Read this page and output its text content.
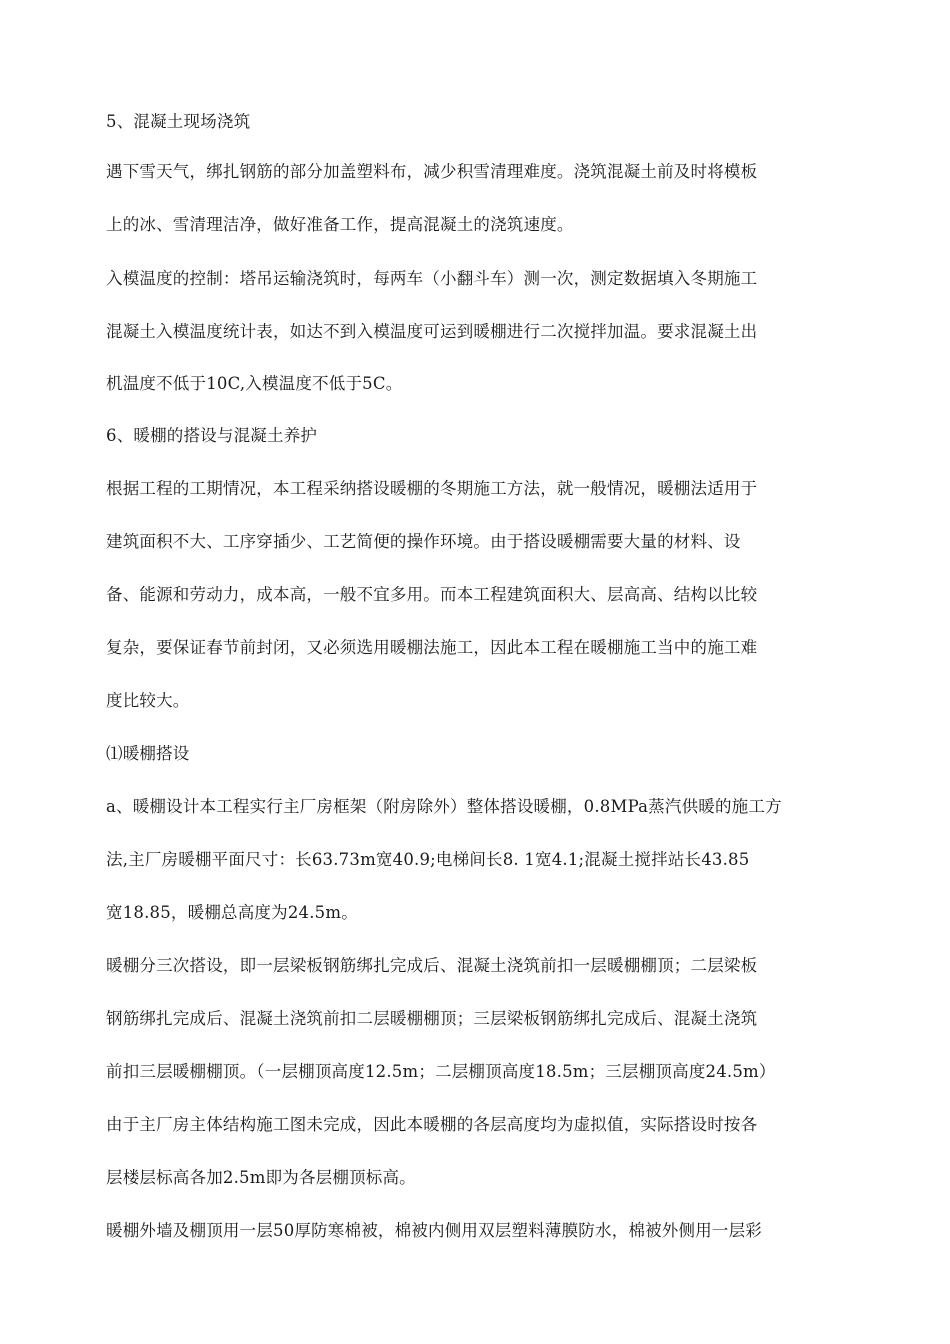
5、混凝土现场浇筑
遇下雪天气，绑扎钢筋的部分加盖塑料布，减少积雪清理难度。浇筑混凝土前及时将模板
上的冰、雪清理洁净，做好准备工作，提高混凝土的浇筑速度。
入模温度的控制：塔吊运输浇筑时，每两车（小翻斗车）测一次，测定数据填入冬期施工
混凝土入模温度统计表，如达不到入模温度可运到暖棚进行二次搅拌加温。要求混凝土出
机温度不低于10C,入模温度不低于5C。
6、暖棚的搭设与混凝土养护
根据工程的工期情况，本工程采纳搭设暖棚的冬期施工方法，就一般情况，暖棚法适用于
建筑面积不大、工序穿插少、工艺简便的操作环境。由于搭设暖棚需要大量的材料、设
备、能源和劳动力，成本高，一般不宜多用。而本工程建筑面积大、层高高、结构以比较
复杂，要保证春节前封闭，又必须选用暖棚法施工，因此本工程在暖棚施工当中的施工难
度比较大。
⑴暖棚搭设
a、暖棚设计本工程实行主厂房框架（附房除外）整体搭设暖棚，0.8MPa蒸汽供暖的施工方
法,主厂房暖棚平面尺寸：长63.73m宽40.9;电梯间长8. 1宽4.1;混凝土搅拌站长43.85
宽18.85，暖棚总高度为24.5m。
暖棚分三次搭设，即一层梁板钢筋绑扎完成后、混凝土浇筑前扣一层暖棚棚顶；二层梁板
钢筋绑扎完成后、混凝土浇筑前扣二层暖棚棚顶；三层梁板钢筋绑扎完成后、混凝土浇筑
前扣三层暖棚棚顶。（一层棚顶高度12.5m；二层棚顶高度18.5m；三层棚顶高度24.5m）
由于主厂房主体结构施工图未完成，因此本暖棚的各层高度均为虚拟值，实际搭设时按各
层楼层标高各加2.5m即为各层棚顶标高。
暖棚外墙及棚顶用一层50厚防寒棉被，棉被内侧用双层塑料薄膜防水，棉被外侧用一层彩
